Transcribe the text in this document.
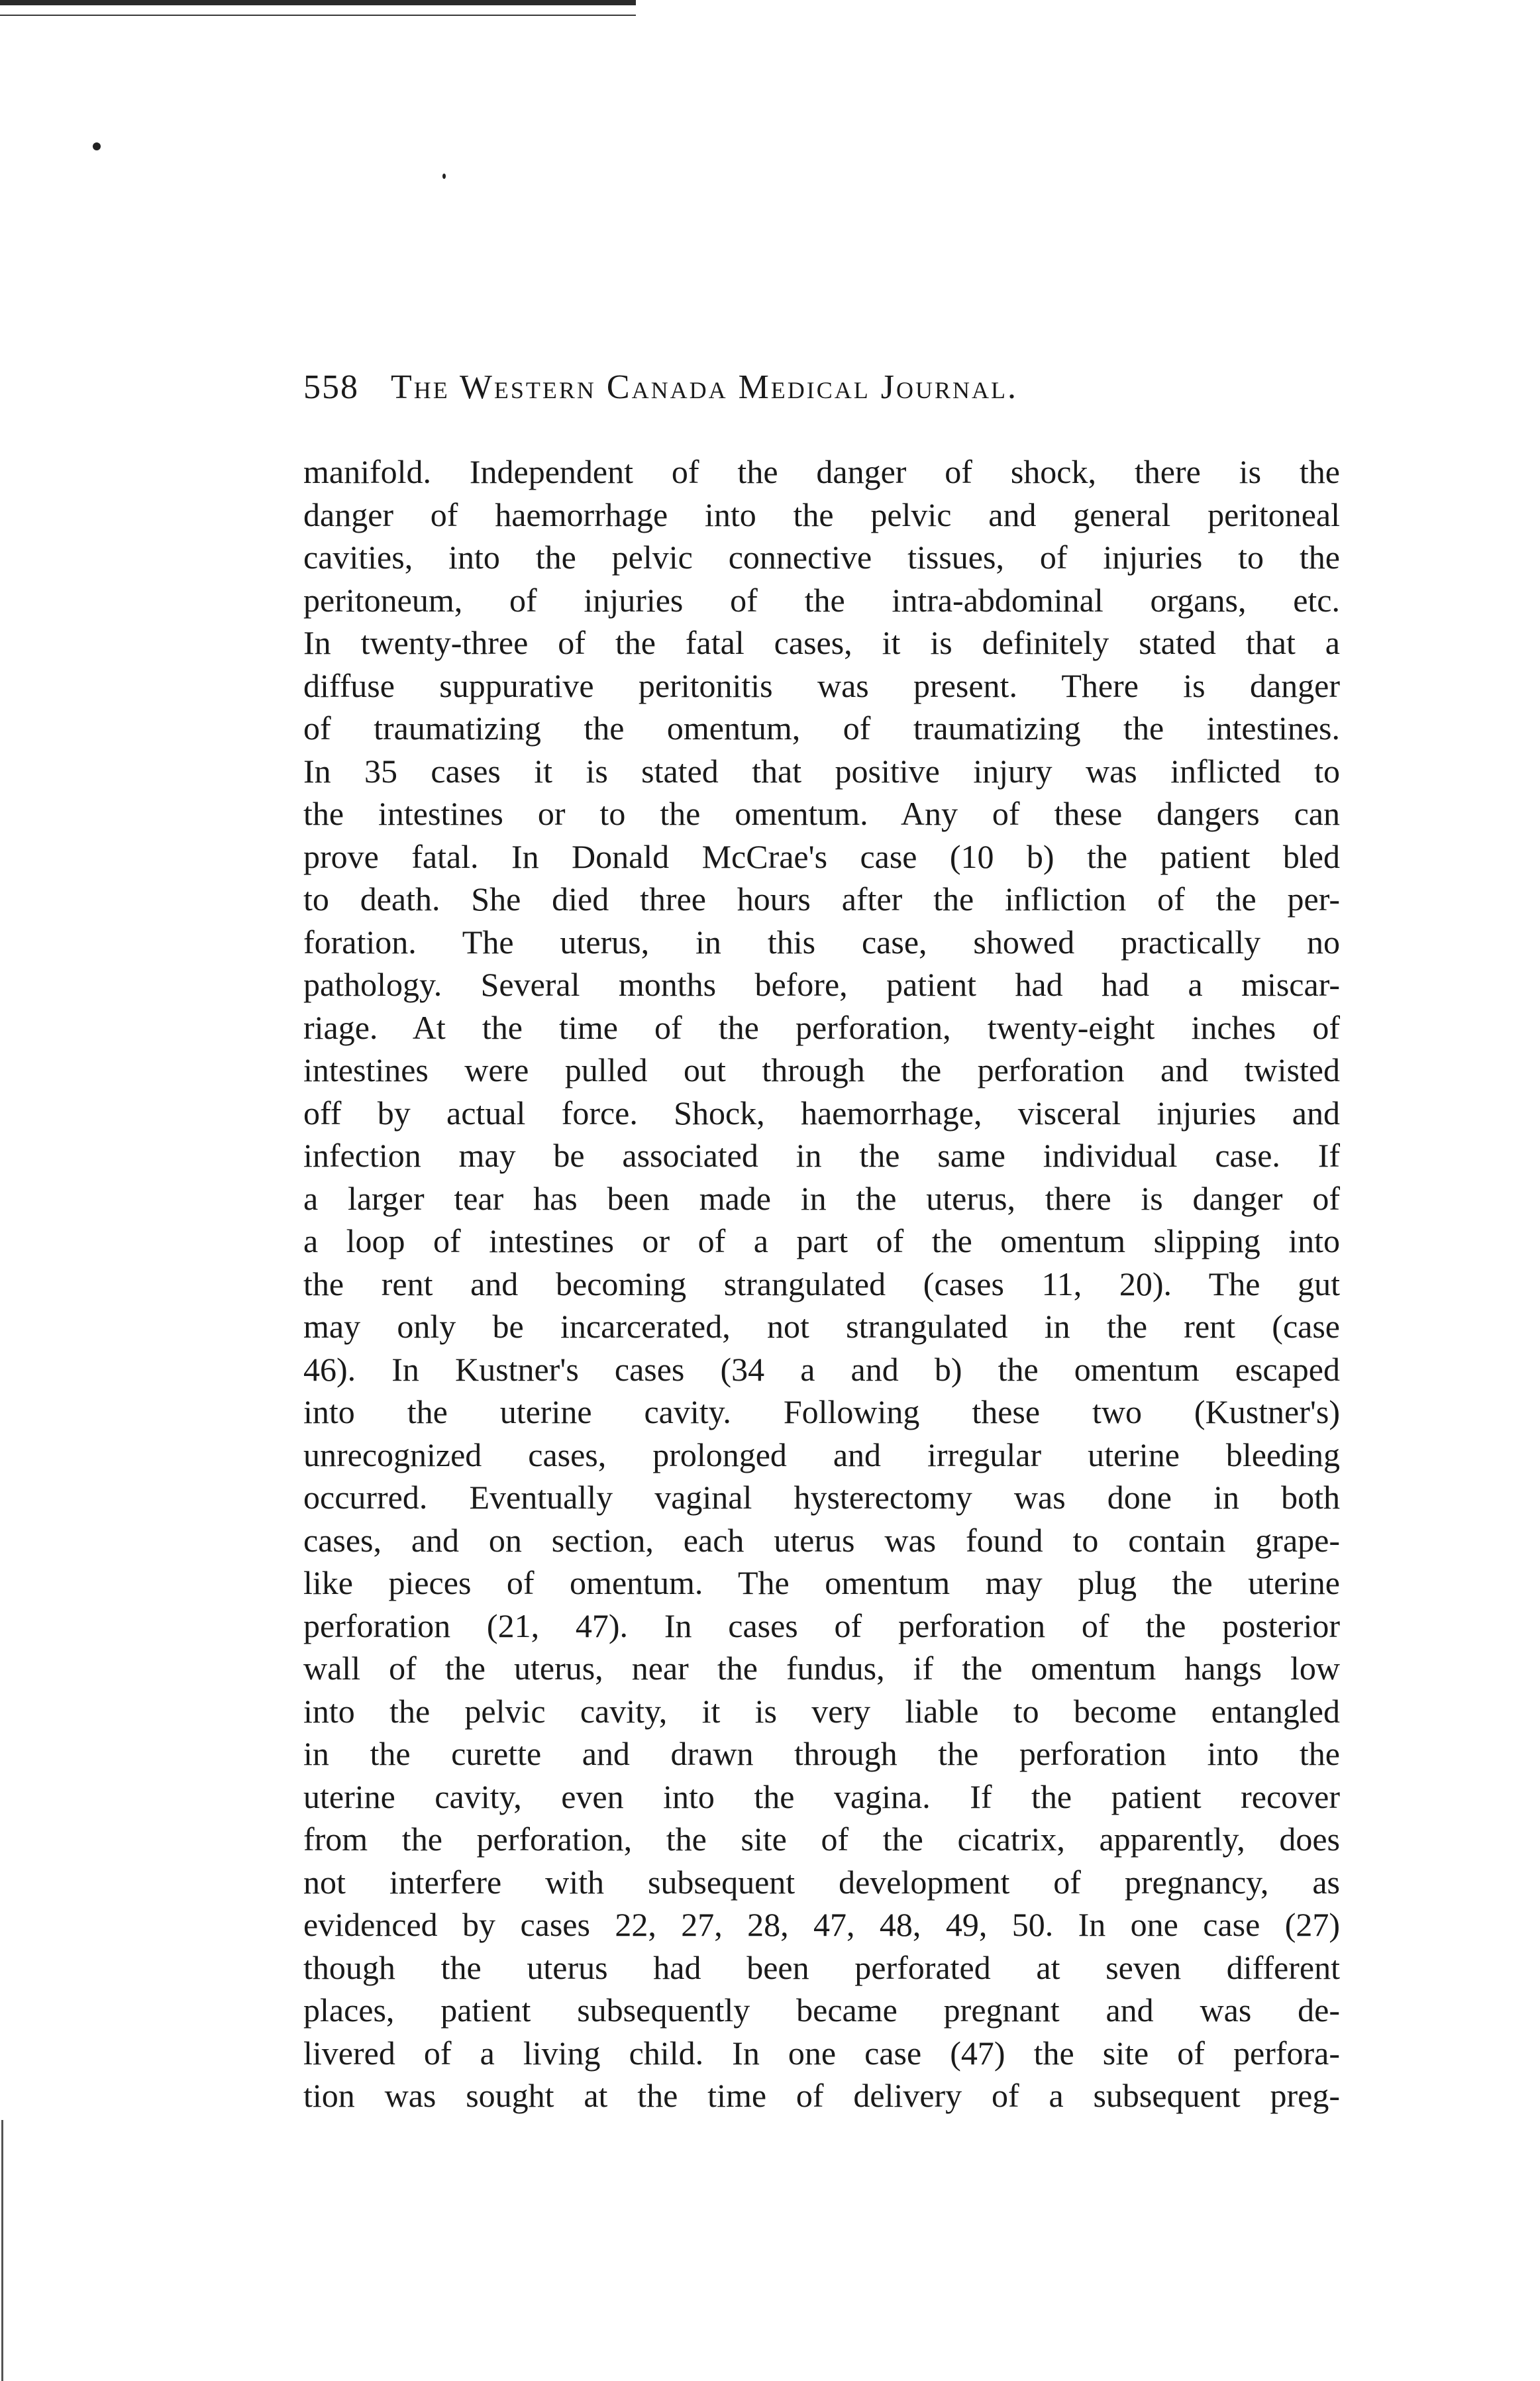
558 The Western Canada Medical Journal.
manifold. Independent of the danger of shock, there is the
danger of haemorrhage into the pelvic and general peritoneal
cavities, into the pelvic connective tissues, of injuries to the
peritoneum, of injuries of the intra-abdominal organs, etc.
In twenty-three of the fatal cases, it is definitely stated that a
diffuse suppurative peritonitis was present. There is danger
of traumatizing the omentum, of traumatizing the intestines.
In 35 cases it is stated that positive injury was inflicted to
the intestines or to the omentum. Any of these dangers can
prove fatal. In Donald McCrae's case (10 b) the patient bled
to death. She died three hours after the infliction of the per-
foration. The uterus, in this case, showed practically no
pathology. Several months before, patient had had a miscar-
riage. At the time of the perforation, twenty-eight inches of
intestines were pulled out through the perforation and twisted
off by actual force. Shock, haemorrhage, visceral injuries and
infection may be associated in the same individual case. If
a larger tear has been made in the uterus, there is danger of
a loop of intestines or of a part of the omentum slipping into
the rent and becoming strangulated (cases 11, 20). The gut
may only be incarcerated, not strangulated in the rent (case
46). In Kustner's cases (34 a and b) the omentum escaped
into the uterine cavity. Following these two (Kustner's)
unrecognized cases, prolonged and irregular uterine bleeding
occurred. Eventually vaginal hysterectomy was done in both
cases, and on section, each uterus was found to contain grape-
like pieces of omentum. The omentum may plug the uterine
perforation (21, 47). In cases of perforation of the posterior
wall of the uterus, near the fundus, if the omentum hangs low
into the pelvic cavity, it is very liable to become entangled
in the curette and drawn through the perforation into the
uterine cavity, even into the vagina. If the patient recover
from the perforation, the site of the cicatrix, apparently, does
not interfere with subsequent development of pregnancy, as
evidenced by cases 22, 27, 28, 47, 48, 49, 50. In one case (27)
though the uterus had been perforated at seven different
places, patient subsequently became pregnant and was de-
livered of a living child. In one case (47) the site of perfora-
tion was sought at the time of delivery of a subsequent preg-
